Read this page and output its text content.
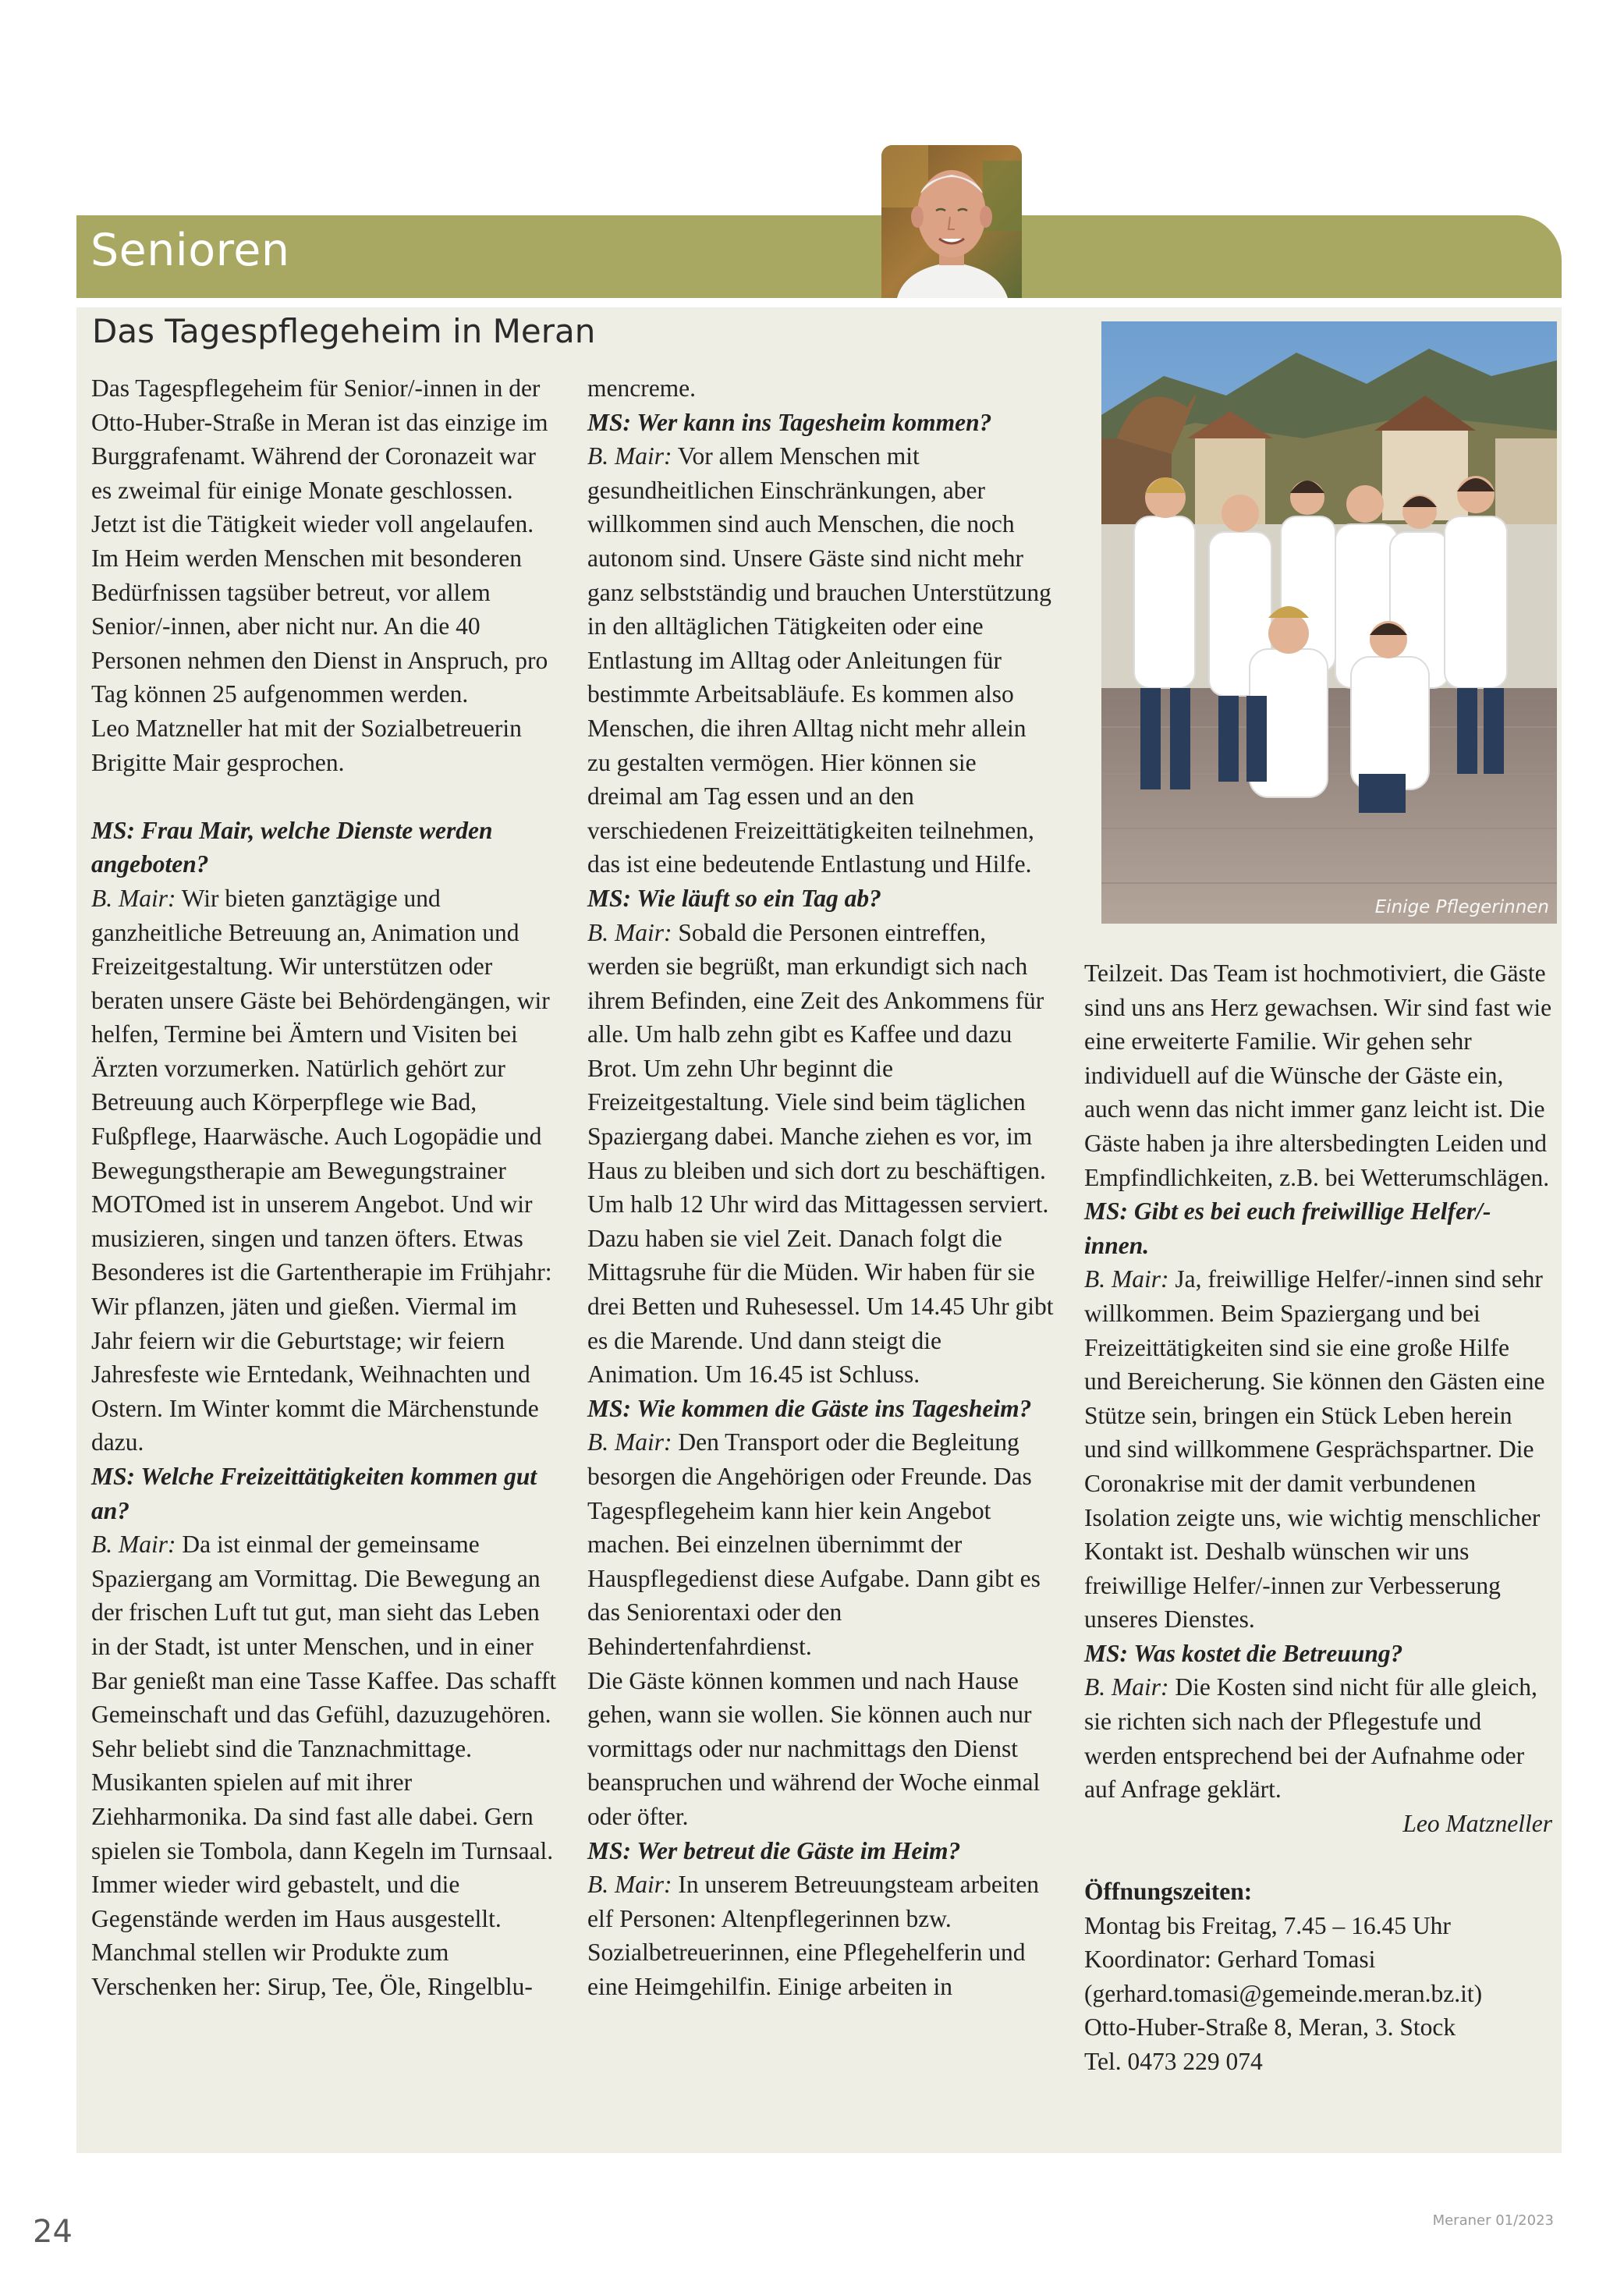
Senioren
Das Tagespflegeheim in Meran

Das Tagespflegeheim für Senior/-innen in der Otto-Huber-Straße in Meran ist das einzige im Burggrafenamt. Während der Coronazeit war es zweimal für einige Monate geschlossen. Jetzt ist die Tätigkeit wieder voll angelaufen. Im Heim werden Menschen mit besonderen Bedürfnissen tagsüber betreut, vor allem Senior/-innen, aber nicht nur. An die 40 Personen nehmen den Dienst in Anspruch, pro Tag können 25 aufgenommen werden.

Leo Matzneller hat mit der Sozialbetreuerin Brigitte Mair gesprochen.

MS: Frau Mair, welche Dienste werden angeboten?

B. Mair: Wir bieten ganztägige und ganzheitliche Betreuung an, Animation und Freizeitgestaltung. Wir unterstützen oder beraten unsere Gäste bei Behördengängen, wir helfen, Termine bei Ämtern und Visiten bei Ärzten vorzumerken. Natürlich gehört zur Betreuung auch Körperpflege wie Bad, Fußpflege, Haarwäsche. Auch Logopädie und Bewegungstherapie am Bewegungstrainer MOTOmed ist in unserem Angebot. Und wir musizieren, singen und tanzen öfters. Etwas Besonderes ist die Gartentherapie im Frühjahr: Wir pflanzen, jäten und gießen. Viermal im Jahr feiern wir die Geburtstage; wir feiern Jahresfeste wie Erntedank, Weihnachten und Ostern. Im Winter kommt die Märchenstunde dazu.

MS: Welche Freizeittätigkeiten kommen gut an?

B. Mair: Da ist einmal der gemeinsame Spaziergang am Vormittag. Die Bewegung an der frischen Luft tut gut, man sieht das Leben in der Stadt, ist unter Menschen, und in einer Bar genießt man eine Tasse Kaffee. Das schafft Gemeinschaft und das Gefühl, dazuzugehören.

Sehr beliebt sind die Tanznachmittage. Musikanten spielen auf mit ihrer Ziehharmonika. Da sind fast alle dabei. Gern spielen sie Tombola, dann Kegeln im Turnsaal. Immer wieder wird gebastelt, und die Gegenstände werden im Haus ausgestellt. Manchmal stellen wir Produkte zum Verschenken her: Sirup, Tee, Öle, Ringelblu-

mencreme.

MS: Wer kann ins Tagesheim kommen?

B. Mair: Vor allem Menschen mit gesundheitlichen Einschränkungen, aber willkommen sind auch Menschen, die noch autonom sind. Unsere Gäste sind nicht mehr ganz selbstständig und brauchen Unterstützung in den alltäglichen Tätigkeiten oder eine Entlastung im Alltag oder Anleitungen für bestimmte Arbeitsabläufe. Es kommen also Menschen, die ihren Alltag nicht mehr allein zu gestalten vermögen. Hier können sie dreimal am Tag essen und an den verschiedenen Freizeittätigkeiten teilnehmen, das ist eine bedeutende Entlastung und Hilfe.

MS: Wie läuft so ein Tag ab?

B. Mair: Sobald die Personen eintreffen, werden sie begrüßt, man erkundigt sich nach ihrem Befinden, eine Zeit des Ankommens für alle. Um halb zehn gibt es Kaffee und dazu Brot. Um zehn Uhr beginnt die Freizeitgestaltung. Viele sind beim täglichen Spaziergang dabei. Manche ziehen es vor, im Haus zu bleiben und sich dort zu beschäftigen. Um halb 12 Uhr wird das Mittagessen serviert. Dazu haben sie viel Zeit. Danach folgt die Mittagsruhe für die Müden. Wir haben für sie drei Betten und Ruhesessel. Um 14.45 Uhr gibt es die Marende. Und dann steigt die Animation. Um 16.45 ist Schluss.

MS: Wie kommen die Gäste ins Tagesheim?

B. Mair: Den Transport oder die Begleitung besorgen die Angehörigen oder Freunde. Das Tagespflegeheim kann hier kein Angebot machen. Bei einzelnen übernimmt der Hauspflegedienst diese Aufgabe. Dann gibt es das Seniorentaxi oder den Behindertenfahrdienst.

Die Gäste können kommen und nach Hause gehen, wann sie wollen. Sie können auch nur vormittags oder nur nachmittags den Dienst beanspruchen und während der Woche einmal oder öfter.

MS: Wer betreut die Gäste im Heim?

B. Mair: In unserem Betreuungsteam arbeiten elf Personen: Altenpflegerinnen bzw. Sozialbetreuerinnen, eine Pflegehelferin und eine Heimgehilfin. Einige arbeiten in

Einige Pflegerinnen

Teilzeit. Das Team ist hochmotiviert, die Gäste sind uns ans Herz gewachsen. Wir sind fast wie eine erweiterte Familie. Wir gehen sehr individuell auf die Wünsche der Gäste ein, auch wenn das nicht immer ganz leicht ist. Die Gäste haben ja ihre altersbedingten Leiden und Empfindlichkeiten, z.B. bei Wetterumschlägen.

MS: Gibt es bei euch freiwillige Helfer/-innen.

B. Mair: Ja, freiwillige Helfer/-innen sind sehr willkommen. Beim Spaziergang und bei Freizeittätigkeiten sind sie eine große Hilfe und Bereicherung. Sie können den Gästen eine Stütze sein, bringen ein Stück Leben herein und sind willkommene Gesprächspartner. Die Coronakrise mit der damit verbundenen Isolation zeigte uns, wie wichtig menschlicher Kontakt ist. Deshalb wünschen wir uns freiwillige Helfer/-innen zur Verbesserung unseres Dienstes.

MS: Was kostet die Betreuung?

B. Mair: Die Kosten sind nicht für alle gleich, sie richten sich nach der Pflegestufe und werden entsprechend bei der Aufnahme oder auf Anfrage geklärt.

Leo Matzneller

Öffnungszeiten:

Montag bis Freitag, 7.45 – 16.45 Uhr

Koordinator: Gerhard Tomasi (gerhard.tomasi@gemeinde.meran.bz.it)

Otto-Huber-Straße 8, Meran, 3. Stock

Tel. 0473 229 074

24	Meraner 01/2023
